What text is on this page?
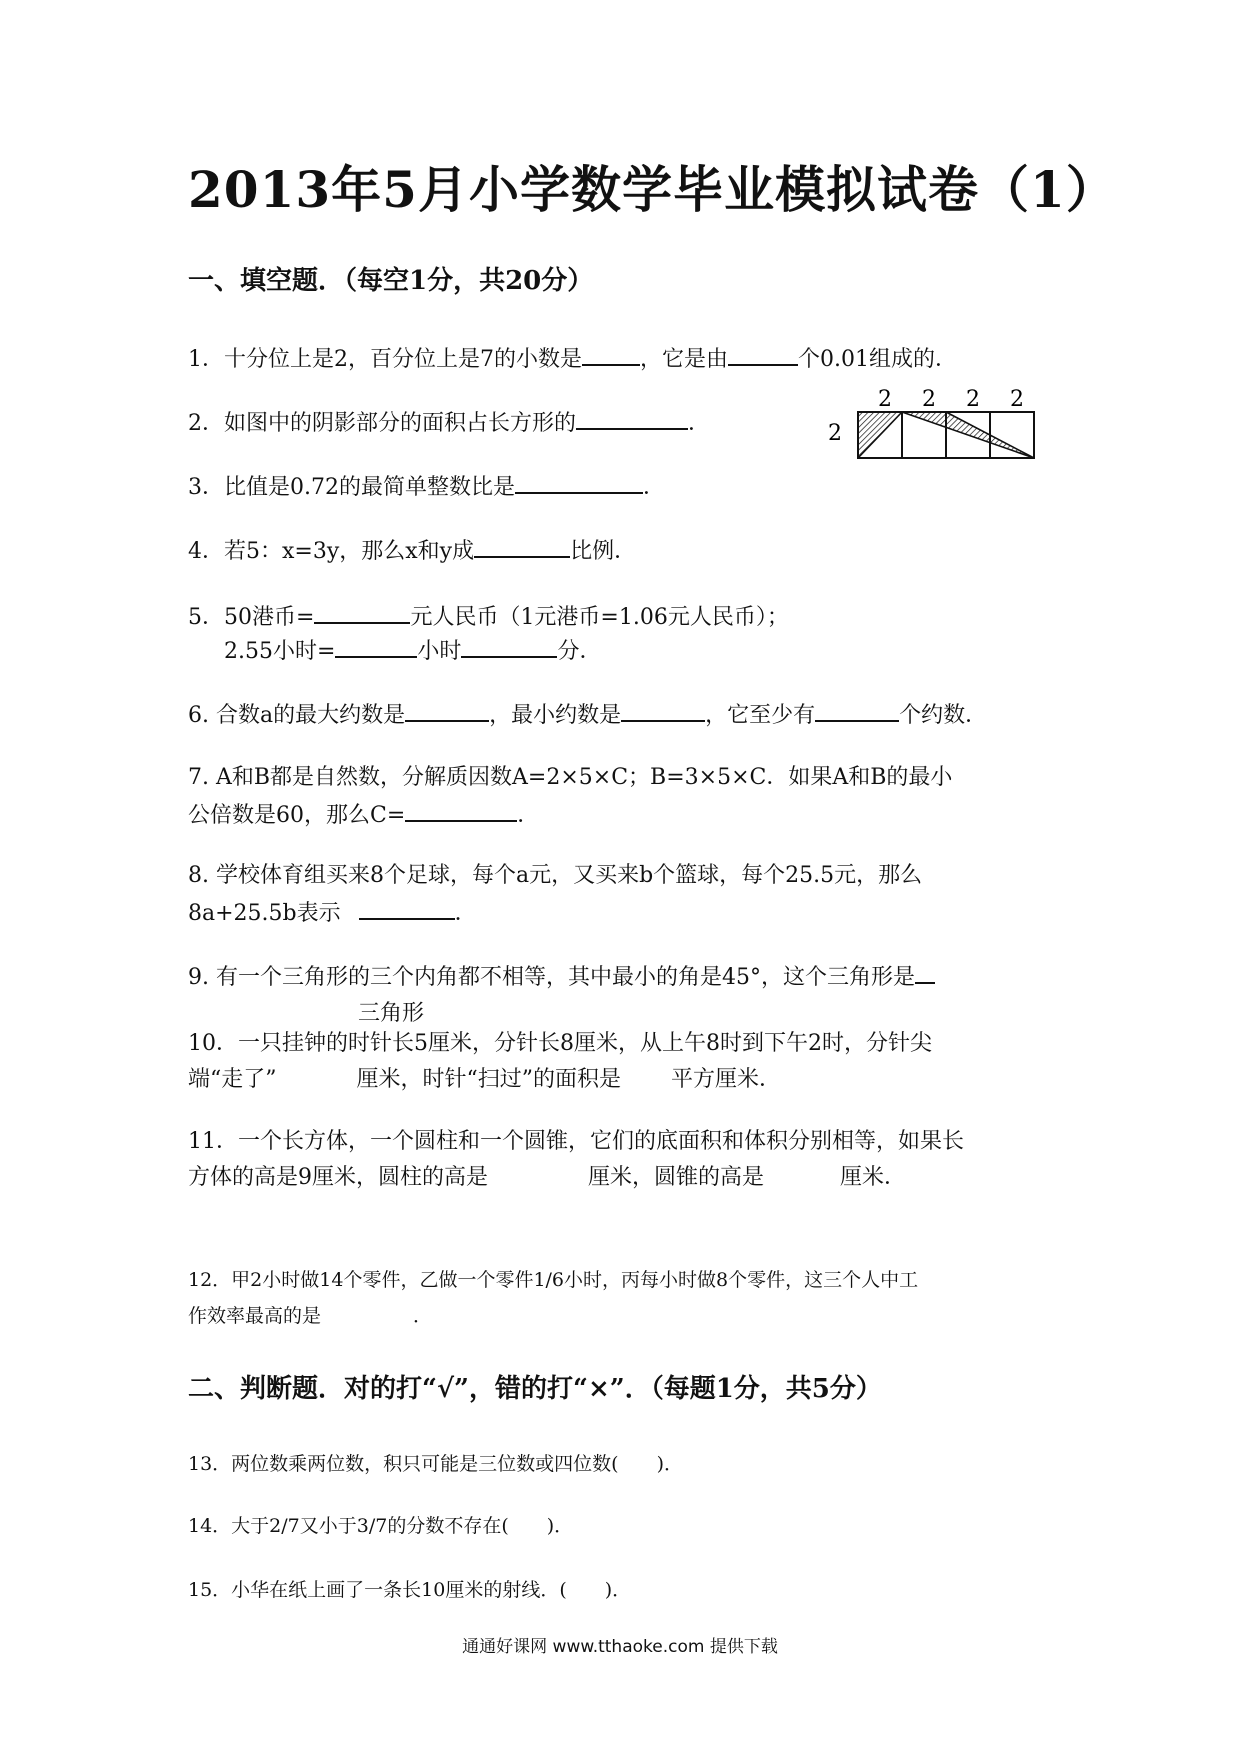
2013年5月小学数学毕业模拟试卷（1）
一、填空题．（每空1分，共20分）
1．十分位上是2，百分位上是7的小数是	，它是由	个0.01组成的．
2．如图中的阴影部分的面积占长方形的	．
2 2 2 2
2
3．比值是0.72的最简单整数比是	．
4．若5：x=3y，那么x和y成	比例．
5．50港币=	元人民币（1元港币=1.06元人民币）；
2.55小时=	小时	分．
6. 合数a的最大约数是	，最小约数是	，它至少有	个约数．
7. A和B都是自然数，分解质因数A=2×5×C；B=3×5×C．如果A和B的最小
公倍数是60，那么C=	．
8. 学校体育组买来8个足球，每个a元，又买来b个篮球，每个25.5元，那么
8a+25.5b表示	．
9. 有一个三角形的三个内角都不相等，其中最小的角是45°，这个三角形是
三角形
10．一只挂钟的时针长5厘米，分针长8厘米，从上午8时到下午2时，分针尖
端“走了”	厘米，时针“扫过”的面积是 平方厘米．
11．一个长方体，一个圆柱和一个圆锥，它们的底面积和体积分别相等，如果长
方体的高是9厘米，圆柱的高是	厘米，圆锥的高是	厘米．
12．甲2小时做14个零件，乙做一个零件1/6小时，丙每小时做8个零件，这三个人中工
作效率最高的是	．
二、判断题．对的打“√”，错的打“×”．（每题1分，共5分）
13．两位数乘两位数，积只可能是三位数或四位数(　　)．
14．大于2/7又小于3/7的分数不存在(　　)．
15．小华在纸上画了一条长10厘米的射线．(　　)．
通通好课网 www.tthaoke.com 提供下载
